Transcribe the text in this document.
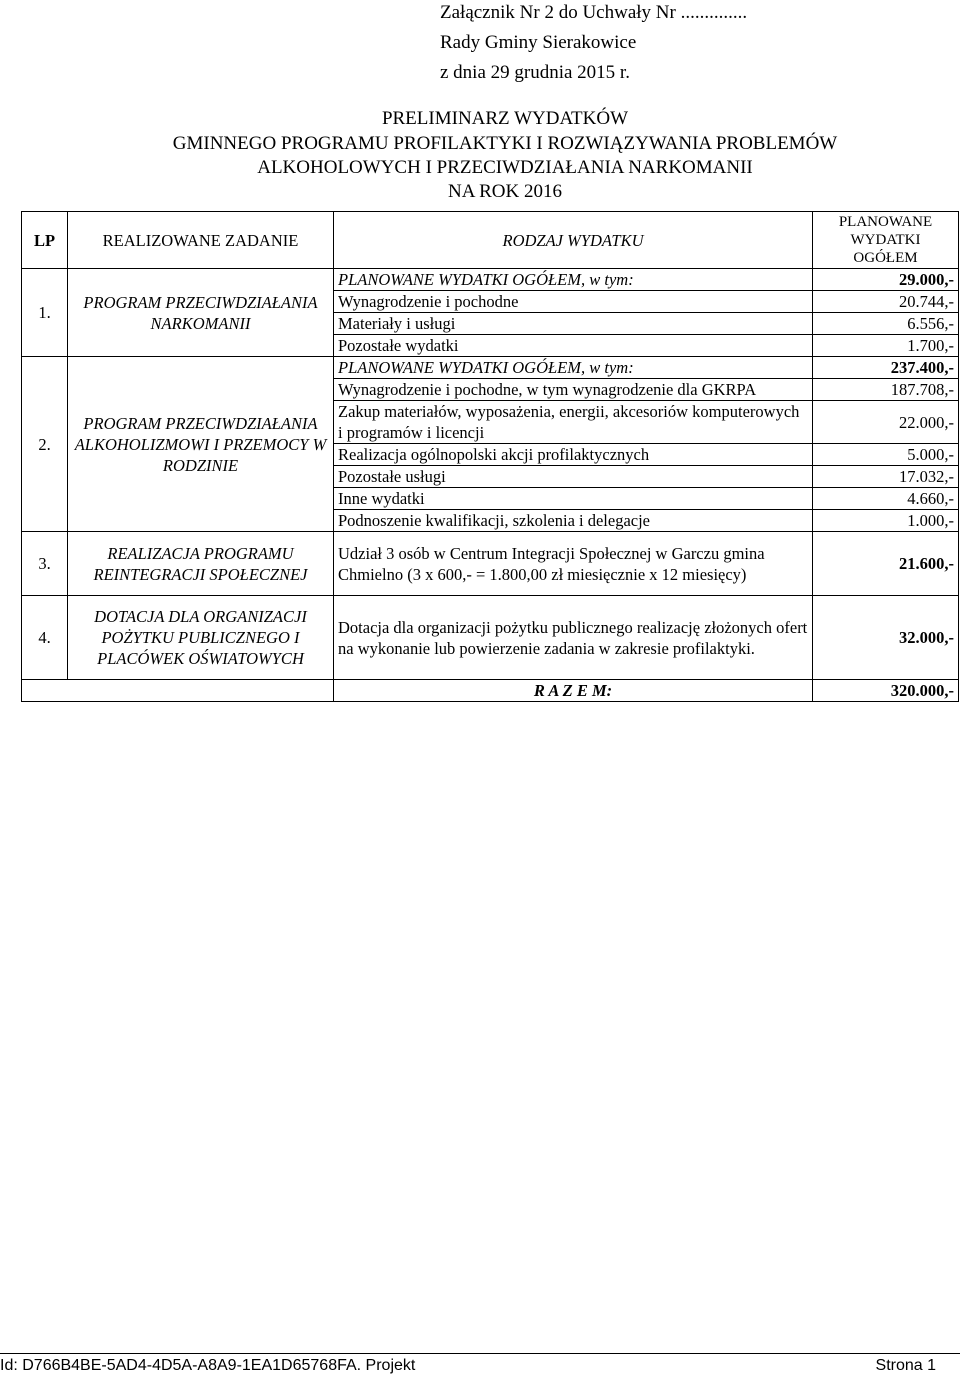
Załącznik Nr 2 do Uchwały Nr ..............
Rady Gminy Sierakowice
z dnia 29 grudnia 2015 r.
PRELIMINARZ WYDATKÓW
GMINNEGO PROGRAMU PROFILAKTYKI I ROZWIĄZYWANIA PROBLEMÓW
ALKOHOLOWYCH I PRZECIWDZIAŁANIA NARKOMANII
NA ROK 2016
LP	REALIZOWANE ZADANIE	RODZAJ WYDATKU	PLANOWANE WYDATKI OGÓŁEM
1.	PROGRAM PRZECIWDZIAŁANIA NARKOMANII	PLANOWANE WYDATKI OGÓŁEM, w tym:	29.000,-
		Wynagrodzenie i pochodne	20.744,-
		Materiały i usługi	6.556,-
		Pozostałe wydatki	1.700,-
2.	PROGRAM PRZECIWDZIAŁANIA ALKOHOLIZMOWI I PRZEMOCY W RODZINIE	PLANOWANE WYDATKI OGÓŁEM, w tym:	237.400,-
		Wynagrodzenie i pochodne, w tym wynagrodzenie dla GKRPA	187.708,-
		Zakup materiałów, wyposażenia, energii, akcesoriów komputerowych i programów i licencji	22.000,-
		Realizacja ogólnopolski akcji profilaktycznych	5.000,-
		Pozostałe usługi	17.032,-
		Inne wydatki	4.660,-
		Podnoszenie kwalifikacji, szkolenia i delegacje	1.000,-
3.	REALIZACJA PROGRAMU REINTEGRACJI SPOŁECZNEJ	Udział 3 osób w Centrum Integracji Społecznej w Garczu gmina Chmielno (3 x 600,- = 1.800,00 zł miesięcznie x 12 miesięcy)	21.600,-
4.	DOTACJA DLA ORGANIZACJI POŻYTKU PUBLICZNEGO I PLACÓWEK OŚWIATOWYCH	Dotacja dla organizacji pożytku publicznego realizację złożonych ofert na wykonanie lub powierzenie zadania w zakresie profilaktyki.	32.000,-
		R A Z E M:	320.000,-
Id: D766B4BE-5AD4-4D5A-A8A9-1EA1D65768FA. Projekt	Strona 1
